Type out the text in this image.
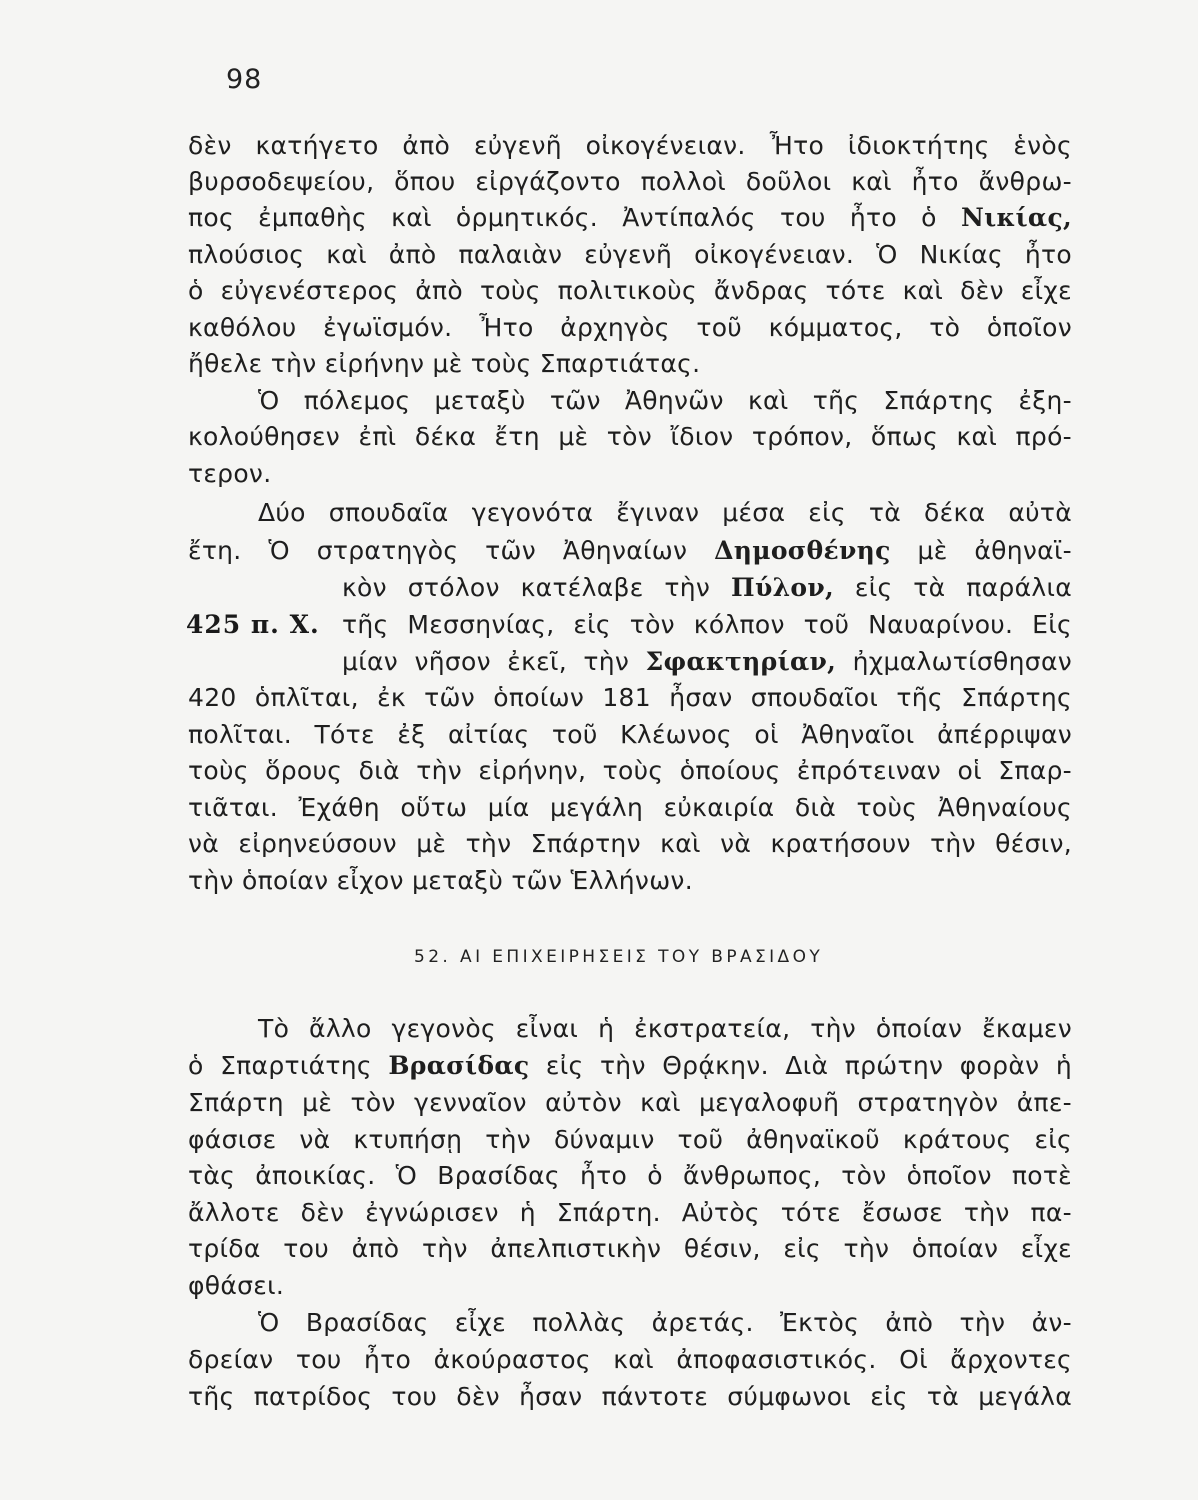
98
δὲν κατήγετο ἀπὸ εὐγενῆ οἰκογένειαν. Ἦτο ἰδιοκτήτης ἑνὸς
βυρσοδεψείου, ὅπου εἰργάζοντο πολλοὶ δοῦλοι καὶ ἦτο ἄνθρω-
πος ἐμπαθὴς καὶ ὁρμητικός. Ἀντίπαλός του ἦτο ὁ Νικίας,
πλούσιος καὶ ἀπὸ παλαιὰν εὐγενῆ οἰκογένειαν. Ὁ Νικίας ἦτο
ὁ εὐγενέστερος ἀπὸ τοὺς πολιτικοὺς ἄνδρας τότε καὶ δὲν εἶχε
καθόλου ἐγωϊσμόν. Ἦτο ἀρχηγὸς τοῦ κόμματος, τὸ ὁποῖον
ἤθελε τὴν εἰρήνην μὲ τοὺς Σπαρτιάτας.
Ὁ πόλεμος μεταξὺ τῶν Ἀθηνῶν καὶ τῆς Σπάρτης ἐξη-
κολούθησεν ἐπὶ δέκα ἔτη μὲ τὸν ἴδιον τρόπον, ὅπως καὶ πρό-
τερον.
Δύο σπουδαῖα γεγονότα ἔγιναν μέσα εἰς τὰ δέκα αὐτὰ
ἔτη. Ὁ στρατηγὸς τῶν Ἀθηναίων Δημοσθένης μὲ ἀθηναϊ-
κὸν στόλον κατέλαβε τὴν Πύλον, εἰς τὰ παράλια
425 π. Χ. τῆς Μεσσηνίας, εἰς τὸν κόλπον τοῦ Ναυαρίνου. Εἰς
μίαν νῆσον ἐκεῖ, τὴν Σφακτηρίαν, ἠχμαλωτίσθησαν
420 ὁπλῖται, ἐκ τῶν ὁποίων 181 ἦσαν σπουδαῖοι τῆς Σπάρτης
πολῖται. Τότε ἐξ αἰτίας τοῦ Κλέωνος οἱ Ἀθηναῖοι ἀπέρριψαν
τοὺς ὅρους διὰ τὴν εἰρήνην, τοὺς ὁποίους ἐπρότειναν οἱ Σπαρ-
τιᾶται. Ἐχάθη οὕτω μία μεγάλη εὐκαιρία διὰ τοὺς Ἀθηναίους
νὰ εἰρηνεύσουν μὲ τὴν Σπάρτην καὶ νὰ κρατήσουν τὴν θέσιν,
τὴν ὁποίαν εἶχον μεταξὺ τῶν Ἑλλήνων.
52. ΑΙ ΕΠΙΧΕΙΡΗΣΕΙΣ ΤΟΥ ΒΡΑΣΙΔΟΥ
Τὸ ἄλλο γεγονὸς εἶναι ἡ ἐκστρατεία, τὴν ὁποίαν ἔκαμεν
ὁ Σπαρτιάτης Βρασίδας εἰς τὴν Θρᾴκην. Διὰ πρώτην φορὰν ἡ
Σπάρτη μὲ τὸν γενναῖον αὐτὸν καὶ μεγαλοφυῆ στρατηγὸν ἀπε-
φάσισε νὰ κτυπήσῃ τὴν δύναμιν τοῦ ἀθηναϊκοῦ κράτους εἰς
τὰς ἀποικίας. Ὁ Βρασίδας ἦτο ὁ ἄνθρωπος, τὸν ὁποῖον ποτὲ
ἄλλοτε δὲν ἐγνώρισεν ἡ Σπάρτη. Αὐτὸς τότε ἔσωσε τὴν πα-
τρίδα του ἀπὸ τὴν ἀπελπιστικὴν θέσιν, εἰς τὴν ὁποίαν εἶχε
φθάσει.
Ὁ Βρασίδας εἶχε πολλὰς ἀρετάς. Ἐκτὸς ἀπὸ τὴν ἀν-
δρείαν του ἦτο ἀκούραστος καὶ ἀποφασιστικός. Οἱ ἄρχοντες
τῆς πατρίδος του δὲν ἦσαν πάντοτε σύμφωνοι εἰς τὰ μεγάλα
